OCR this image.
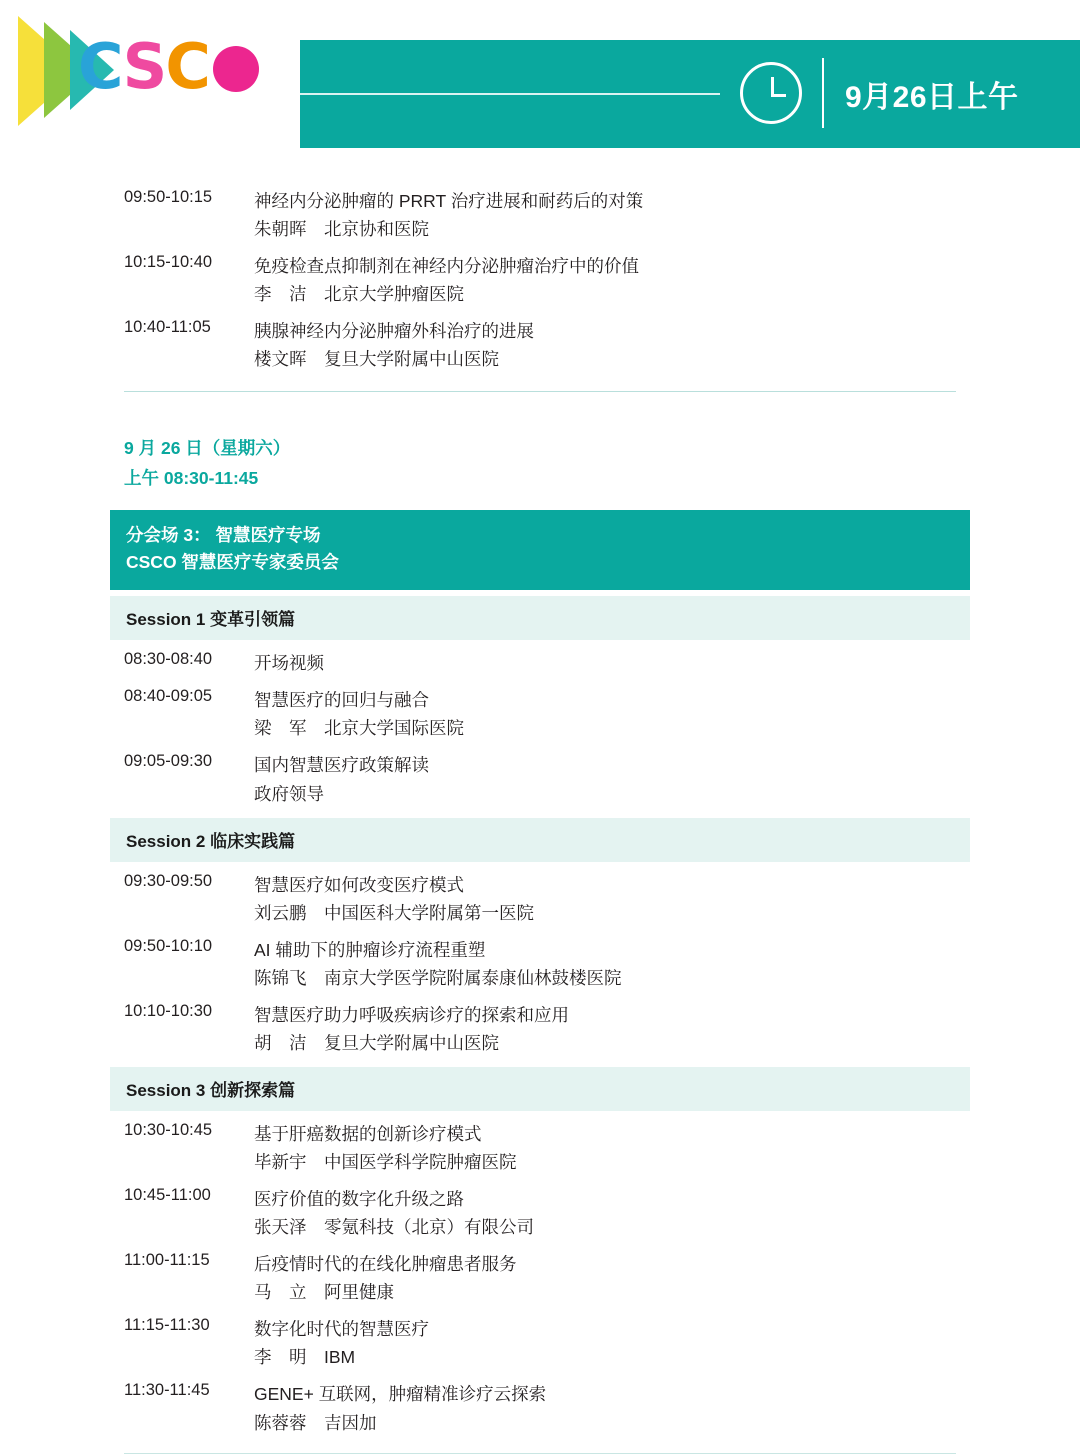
CSC	9月26日上午
09:50-10:15	神经内分泌肿瘤的 PRRT 治疗进展和耐药后的对策
朱朝晖　北京协和医院
10:15-10:40	免疫检查点抑制剂在神经内分泌肿瘤治疗中的价值
李　洁　北京大学肿瘤医院
10:40-11:05	胰腺神经内分泌肿瘤外科治疗的进展
楼文晖　复旦大学附属中山医院
9 月 26 日（星期六）
上午 08:30-11:45
分会场 3： 智慧医疗专场
CSCO 智慧医疗专家委员会
Session 1 变革引领篇
08:30-08:40	开场视频
08:40-09:05	智慧医疗的回归与融合
梁　军　北京大学国际医院
09:05-09:30	国内智慧医疗政策解读
政府领导
Session 2 临床实践篇
09:30-09:50	智慧医疗如何改变医疗模式
刘云鹏　中国医科大学附属第一医院
09:50-10:10	AI 辅助下的肿瘤诊疗流程重塑
陈锦飞　南京大学医学院附属泰康仙林鼓楼医院
10:10-10:30	智慧医疗助力呼吸疾病诊疗的探索和应用
胡　洁　复旦大学附属中山医院
Session 3 创新探索篇
10:30-10:45	基于肝癌数据的创新诊疗模式
毕新宇　中国医学科学院肿瘤医院
10:45-11:00	医疗价值的数字化升级之路
张天泽　零氪科技（北京）有限公司
11:00-11:15	后疫情时代的在线化肿瘤患者服务
马　立　阿里健康
11:15-11:30	数字化时代的智慧医疗
李　明　IBM
11:30-11:45	GENE+ 互联网，肿瘤精准诊疗云探索
陈蓉蓉　吉因加
